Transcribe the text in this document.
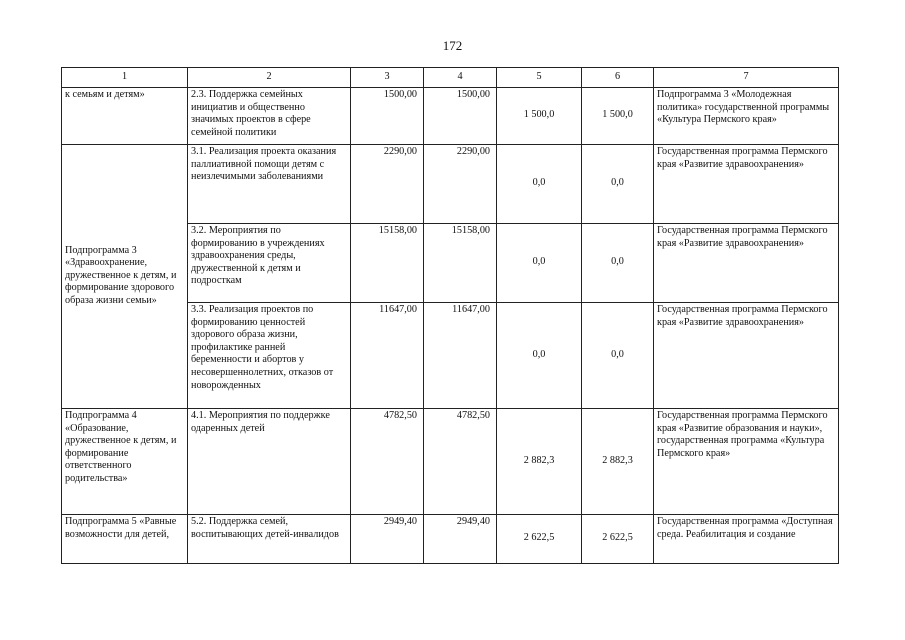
172
1	2	3	4	5	6	7
к семьям и детям»	2.3. Поддержка семейных инициатив и общественно значимых проектов в сфере семейной политики	1500,00	1500,00	1 500,0	1 500,0	Подпрограмма 3 «Молодежная политика» государственной программы «Культура Пермского края»
Подпрограмма 3 «Здравоохранение, дружественное к детям, и формирование здорового образа жизни семьи»	3.1. Реализация проекта оказания паллиативной помощи детям с неизлечимыми заболеваниями	2290,00	2290,00	0,0	0,0	Государственная программа Пермского края «Развитие здравоохранения»
	3.2. Мероприятия по формированию в учреждениях здравоохранения среды, дружественной к детям и подросткам	15158,00	15158,00	0,0	0,0	Государственная программа Пермского края «Развитие здравоохранения»
	3.3. Реализация проектов по формированию ценностей здорового образа жизни, профилактике ранней беременности и абортов у несовершеннолетних, отказов от новорожденных	11647,00	11647,00	0,0	0,0	Государственная программа Пермского края «Развитие здравоохранения»
Подпрограмма 4 «Образование, дружественное к детям, и формирование ответственного родительства»	4.1. Мероприятия по поддержке одаренных детей	4782,50	4782,50	2 882,3	2 882,3	Государственная программа Пермского края «Развитие образования и науки», государственная программа «Культура Пермского края»
Подпрограмма 5 «Равные возможности для детей,	5.2. Поддержка семей, воспитывающих детей-инвалидов	2949,40	2949,40	2 622,5	2 622,5	Государственная программа «Доступная среда. Реабилитация и создание
